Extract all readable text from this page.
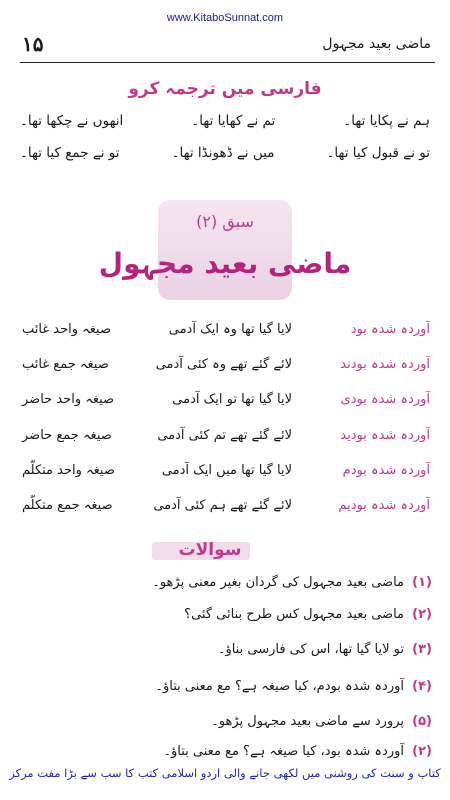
www.KitaboSunnat.com
۱۵	ماضی بعید مجہول
فارسی میں ترجمہ کرو
ہم نے پکایا تھا۔
تم نے کھایا تھا۔
انھوں نے چکھا تھا۔
تو نے قبول کیا تھا۔
میں نے ڈھونڈا تھا۔
تو نے جمع کیا تھا۔
سبق (۲)
ماضی بعید مجہول
آوردہ شدہ بود
لایا گیا تھا وہ ایک آدمی
صیغہ واحد غائب
آوردہ شدہ بودند
لائے گئے تھے وہ کئی آدمی
صیغہ جمع غائب
آوردہ شدہ بودی
لایا گیا تھا تو ایک آدمی
صیغہ واحد حاضر
آوردہ شدہ بودید
لائے گئے تھے تم کئی آدمی
صیغہ جمع حاضر
آوردہ شدہ بودم
لایا گیا تھا میں ایک آدمی
صیغہ واحد متکلّم
آوردہ شدہ بودیم
لائے گئے تھے ہم کئی آدمی
صیغہ جمع متکلّم
سوالات
(۱) ماضی بعید مجہول کی گردان بغیر معنی پڑھو۔
(۲) ماضی بعید مجہول کس طرح بنائی گئی؟
(۳) تو لایا گیا تھا، اس کی فارسی بناؤ۔
(۴) آوردہ شدہ بودم، کیا صیغہ ہے؟ مع معنی بتاؤ۔
(۵) پرورد سے ماضی بعید مجہول پڑھو۔
(۲) آوردہ شدہ بود، کیا صیغہ ہے؟ مع معنی بتاؤ۔
کتاب و سنت کی روشنی میں لکھی جانے والی اردو اسلامی کتب کا سب سے بڑا مفت مرکز
